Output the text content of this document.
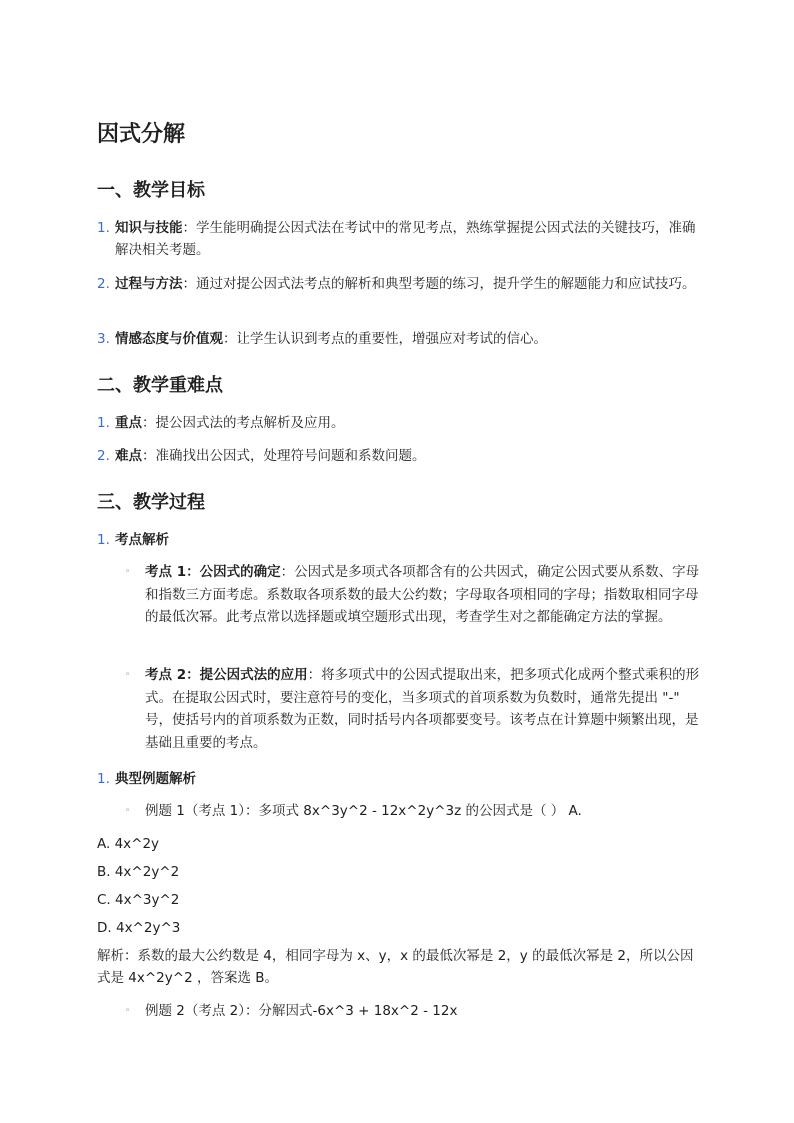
因式分解
一、教学目标
1. 知识与技能：学生能明确提公因式法在考试中的常见考点，熟练掌握提公因式法的关键技巧，准确解决相关考题。
2. 过程与方法：通过对提公因式法考点的解析和典型考题的练习，提升学生的解题能力和应试技巧。
3. 情感态度与价值观：让学生认识到考点的重要性，增强应对考试的信心。
二、教学重难点
1. 重点：提公因式法的考点解析及应用。
2. 难点：准确找出公因式，处理符号问题和系数问题。
三、教学过程
1. 考点解析
◦	考点 1：公因式的确定：公因式是多项式各项都含有的公共因式，确定公因式要从系数、字母和指数三方面考虑。系数取各项系数的最大公约数；字母取各项相同的字母；指数取相同字母的最低次幂。此考点常以选择题或填空题形式出现，考查学生对之都能确定方法的掌握。
◦	考点 2：提公因式法的应用：将多项式中的公因式提取出来，把多项式化成两个整式乘积的形式。在提取公因式时，要注意符号的变化，当多项式的首项系数为负数时，通常先提出 "-" 号，使括号内的首项系数为正数，同时括号内各项都要变号。该考点在计算题中频繁出现，是基础且重要的考点。
1. 典型例题解析
◦	例题 1（考点 1）：多项式 8x^3y^2 - 12x^2y^3z 的公因式是（ ） A.
A. 4x^2y
B. 4x^2y^2
C. 4x^3y^2
D. 4x^2y^3
解析：系数的最大公约数是 4，相同字母为 x、y，x 的最低次幂是 2，y 的最低次幂是 2，所以公因式是 4x^2y^2 ，答案选 B。
◦	例题 2（考点 2）：分解因式-6x^3 + 18x^2 - 12x
